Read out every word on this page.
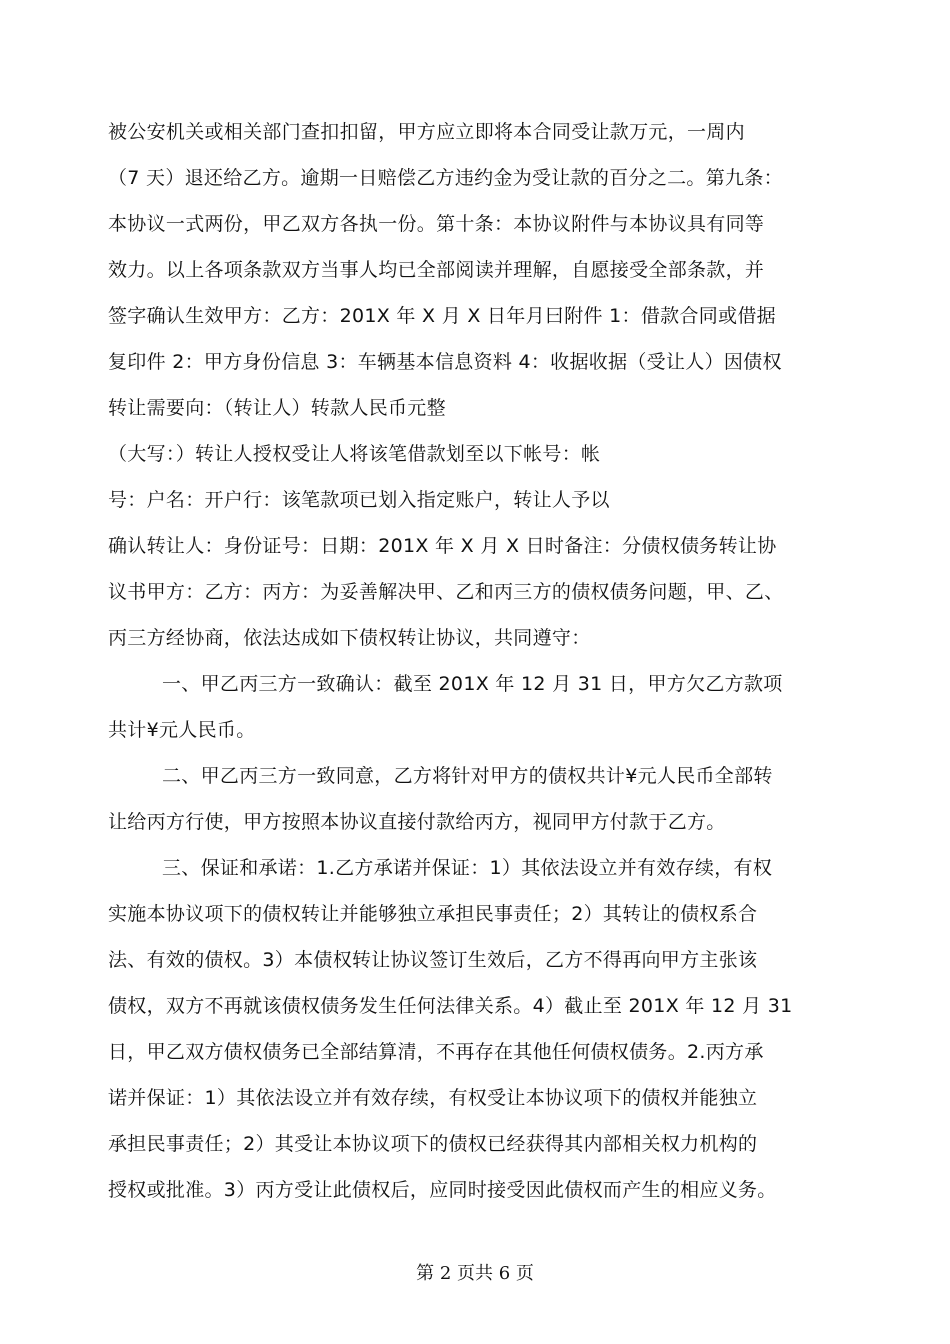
被公安机关或相关部门查扣扣留，甲方应立即将本合同受让款万元，一周内
（7 天）退还给乙方。逾期一日赔偿乙方违约金为受让款的百分之二。第九条：
本协议一式两份，甲乙双方各执一份。第十条：本协议附件与本协议具有同等
效力。以上各项条款双方当事人均已全部阅读并理解，自愿接受全部条款，并
签字确认生效甲方：乙方：201X 年 X 月 X 日年月曰附件 1：借款合同或借据
复印件 2：甲方身份信息 3：车辆基本信息资料 4：收据收据（受让人）因债权
转让需要向：（转让人）转款人民币元整
（大写：）转让人授权受让人将该笔借款划至以下帐号：帐
号：户名：开户行：该笔款项已划入指定账户，转让人予以
确认转让人：身份证号：日期：201X 年 X 月 X 日时备注：分债权债务转让协
议书甲方：乙方：丙方：为妥善解决甲、乙和丙三方的债权债务问题，甲、乙、
丙三方经协商，依法达成如下债权转让协议，共同遵守：
一、甲乙丙三方一致确认：截至 201X 年 12 月 31 日，甲方欠乙方款项
共计¥元人民币。
二、甲乙丙三方一致同意，乙方将针对甲方的债权共计¥元人民币全部转
让给丙方行使，甲方按照本协议直接付款给丙方，视同甲方付款于乙方。
三、保证和承诺：1.乙方承诺并保证：1）其依法设立并有效存续，有权
实施本协议项下的债权转让并能够独立承担民事责任；2）其转让的债权系合
法、有效的债权。3）本债权转让协议签订生效后，乙方不得再向甲方主张该
债权，双方不再就该债权债务发生任何法律关系。4）截止至 201X 年 12 月 31
日，甲乙双方债权债务已全部结算清，不再存在其他任何债权债务。2.丙方承
诺并保证：1）其依法设立并有效存续，有权受让本协议项下的债权并能独立
承担民事责任；2）其受让本协议项下的债权已经获得其内部相关权力机构的
授权或批准。3）丙方受让此债权后，应同时接受因此债权而产生的相应义务。
第 2 页共 6 页
